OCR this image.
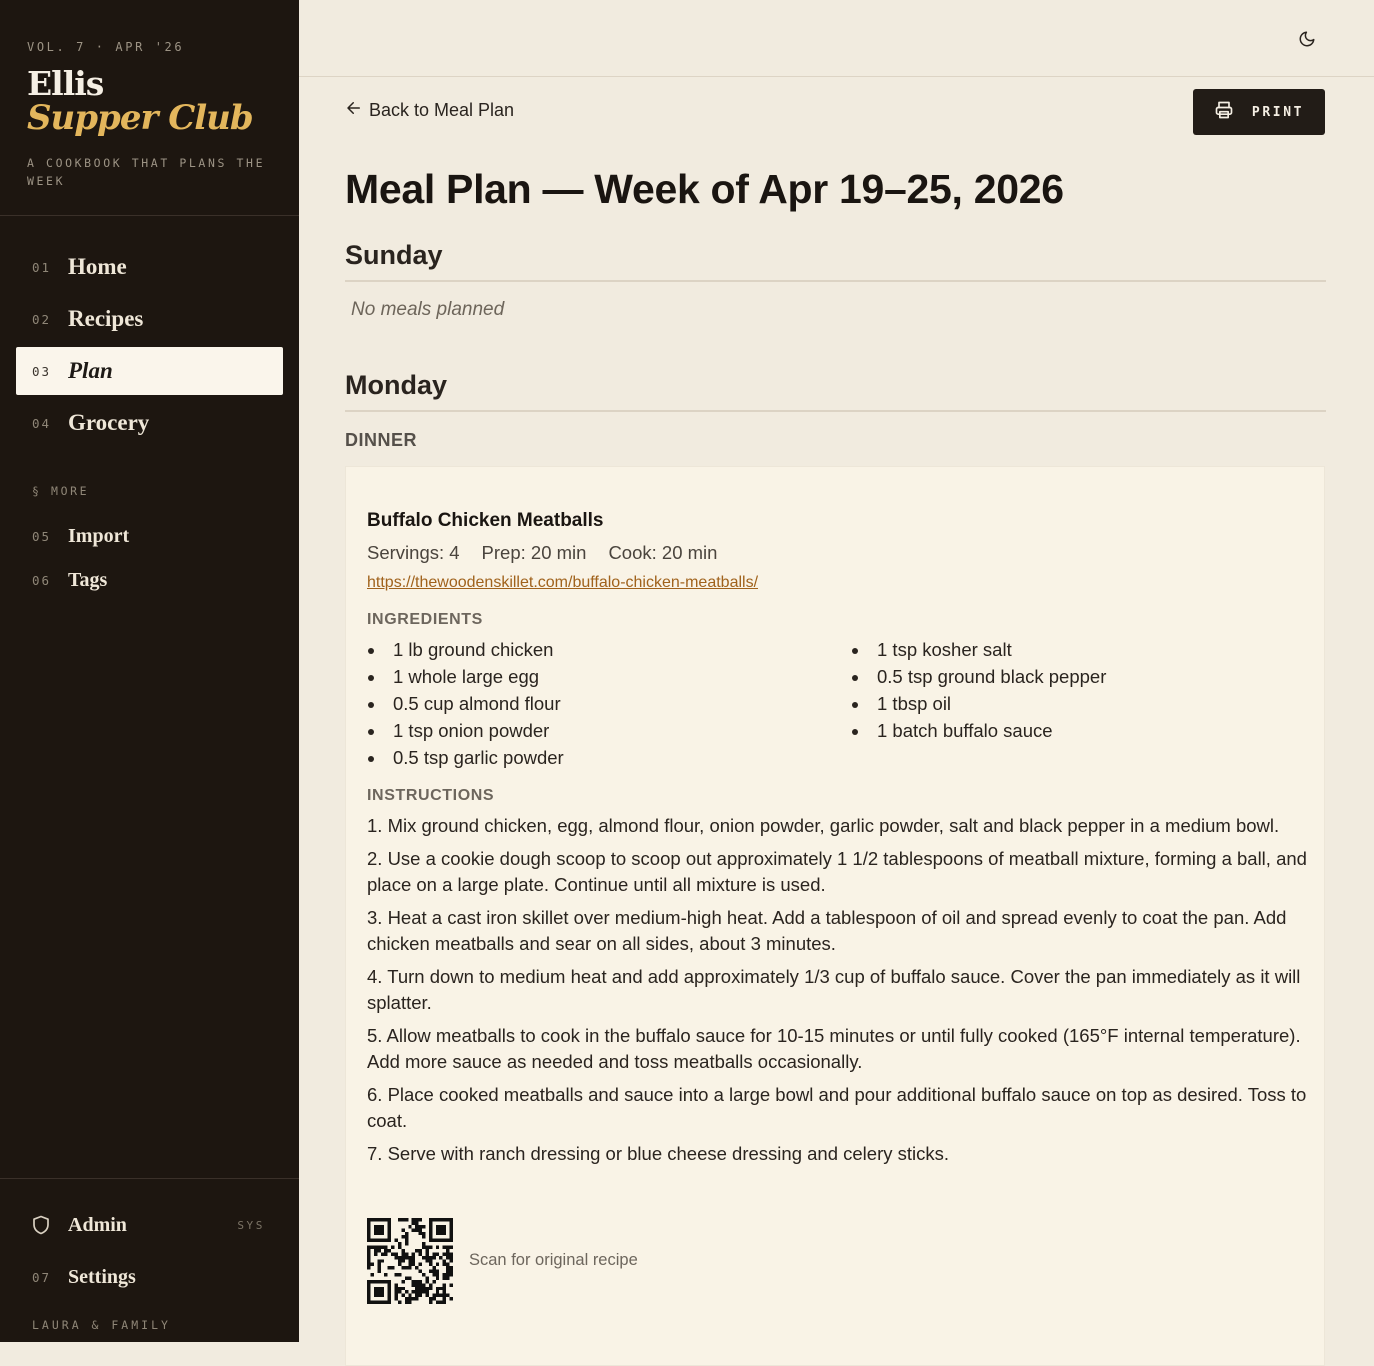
VOL. 7 · APR '26
Ellis
Supper Club
A COOKBOOK THAT PLANS THE WEEK
01 Home
02 Recipes
03 Plan
04 Grocery
§ MORE
05 Import
06 Tags
Admin	SYS
07 Settings
LAURA & FAMILY
Back to Meal Plan	PRINT
Meal Plan — Week of Apr 19–25, 2026
Sunday
No meals planned
Monday
DINNER
Buffalo Chicken Meatballs
Servings: 4 Prep: 20 min Cook: 20 min
https://thewoodenskillet.com/buffalo-chicken-meatballs/
INGREDIENTS
1 lb ground chicken
1 whole large egg
0.5 cup almond flour
1 tsp onion powder
0.5 tsp garlic powder
1 tsp kosher salt
0.5 tsp ground black pepper
1 tbsp oil
1 batch buffalo sauce
INSTRUCTIONS
1. Mix ground chicken, egg, almond flour, onion powder, garlic powder, salt and black pepper in a medium bowl.
2. Use a cookie dough scoop to scoop out approximately 1 1/2 tablespoons of meatball mixture, forming a ball, and place on a large plate. Continue until all mixture is used.
3. Heat a cast iron skillet over medium-high heat. Add a tablespoon of oil and spread evenly to coat the pan. Add chicken meatballs and sear on all sides, about 3 minutes.
4. Turn down to medium heat and add approximately 1/3 cup of buffalo sauce. Cover the pan immediately as it will splatter.
5. Allow meatballs to cook in the buffalo sauce for 10-15 minutes or until fully cooked (165°F internal temperature). Add more sauce as needed and toss meatballs occasionally.
6. Place cooked meatballs and sauce into a large bowl and pour additional buffalo sauce on top as desired. Toss to coat.
7. Serve with ranch dressing or blue cheese dressing and celery sticks.
Scan for original recipe
